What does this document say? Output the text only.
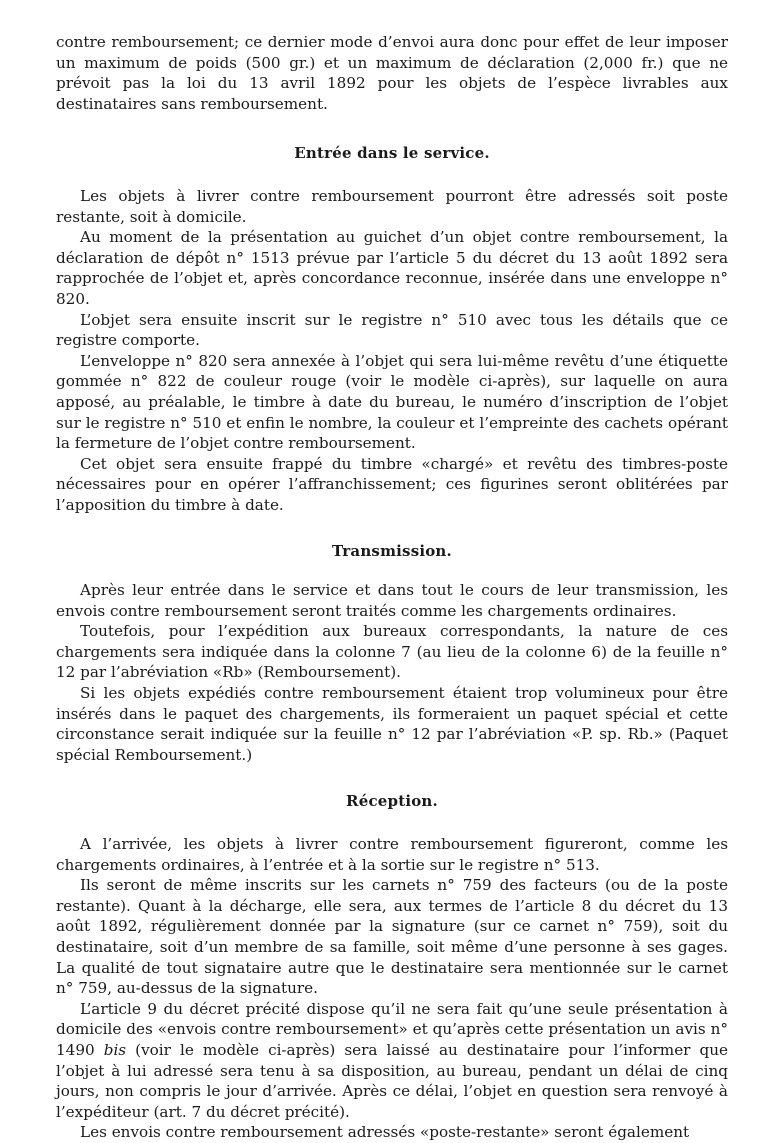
contre remboursement; ce dernier mode d’envoi aura donc pour effet de leur imposer un maximum de poids (500 gr.) et un maximum de déclaration (2,000 fr.) que ne prévoit pas la loi du 13 avril 1892 pour les objets de l’espèce livrables aux destinataires sans remboursement.

Entrée dans le service.

Les objets à livrer contre remboursement pourront être adressés soit poste restante, soit à domicile.

Au moment de la présentation au guichet d’un objet contre remboursement, la déclaration de dépôt n° 1513 prévue par l’article 5 du décret du 13 août 1892 sera rapprochée de l’objet et, après concordance reconnue, insérée dans une enveloppe n° 820.

L’objet sera ensuite inscrit sur le registre n° 510 avec tous les détails que ce registre comporte.

L’enveloppe n° 820 sera annexée à l’objet qui sera lui-même revêtu d’une étiquette gommée n° 822 de couleur rouge (voir le modèle ci-après), sur laquelle on aura apposé, au préalable, le timbre à date du bureau, le numéro d’inscription de l’objet sur le registre n° 510 et enfin le nombre, la couleur et l’empreinte des cachets opérant la fermeture de l’objet contre remboursement.

Cet objet sera ensuite frappé du timbre «chargé» et revêtu des timbres-poste nécessaires pour en opérer l’affranchissement; ces figurines seront oblitérées par l’apposition du timbre à date.

Transmission.

Après leur entrée dans le service et dans tout le cours de leur transmission, les envois contre remboursement seront traités comme les chargements ordinaires.

Toutefois, pour l’expédition aux bureaux correspondants, la nature de ces chargements sera indiquée dans la colonne 7 (au lieu de la colonne 6) de la feuille n° 12 par l’abréviation «Rb» (Remboursement).

Si les objets expédiés contre remboursement étaient trop volumineux pour être insérés dans le paquet des chargements, ils formeraient un paquet spécial et cette circonstance serait indiquée sur la feuille n° 12 par l’abréviation «P. sp. Rb.» (Paquet spécial Remboursement.)

Réception.

A l’arrivée, les objets à livrer contre remboursement figureront, comme les chargements ordinaires, à l’entrée et à la sortie sur le registre n° 513.

Ils seront de même inscrits sur les carnets n° 759 des facteurs (ou de la poste restante). Quant à la décharge, elle sera, aux termes de l’article 8 du décret du 13 août 1892, régulièrement donnée par la signature (sur ce carnet n° 759), soit du destinataire, soit d’un membre de sa famille, soit même d’une personne à ses gages. La qualité de tout signataire autre que le destinataire sera mentionnée sur le carnet n° 759, au-dessus de la signature.

L’article 9 du décret précité dispose qu’il ne sera fait qu’une seule présentation à domicile des «envois contre remboursement» et qu’après cette présentation un avis n° 1490 bis (voir le modèle ci-après) sera laissé au destinataire pour l’informer que l’objet à lui adressé sera tenu à sa disposition, au bureau, pendant un délai de cinq jours, non compris le jour d’arrivée. Après ce délai, l’objet en question sera renvoyé à l’expéditeur (art. 7 du décret précité).

Les envois contre remboursement adressés «poste-restante» seront également
